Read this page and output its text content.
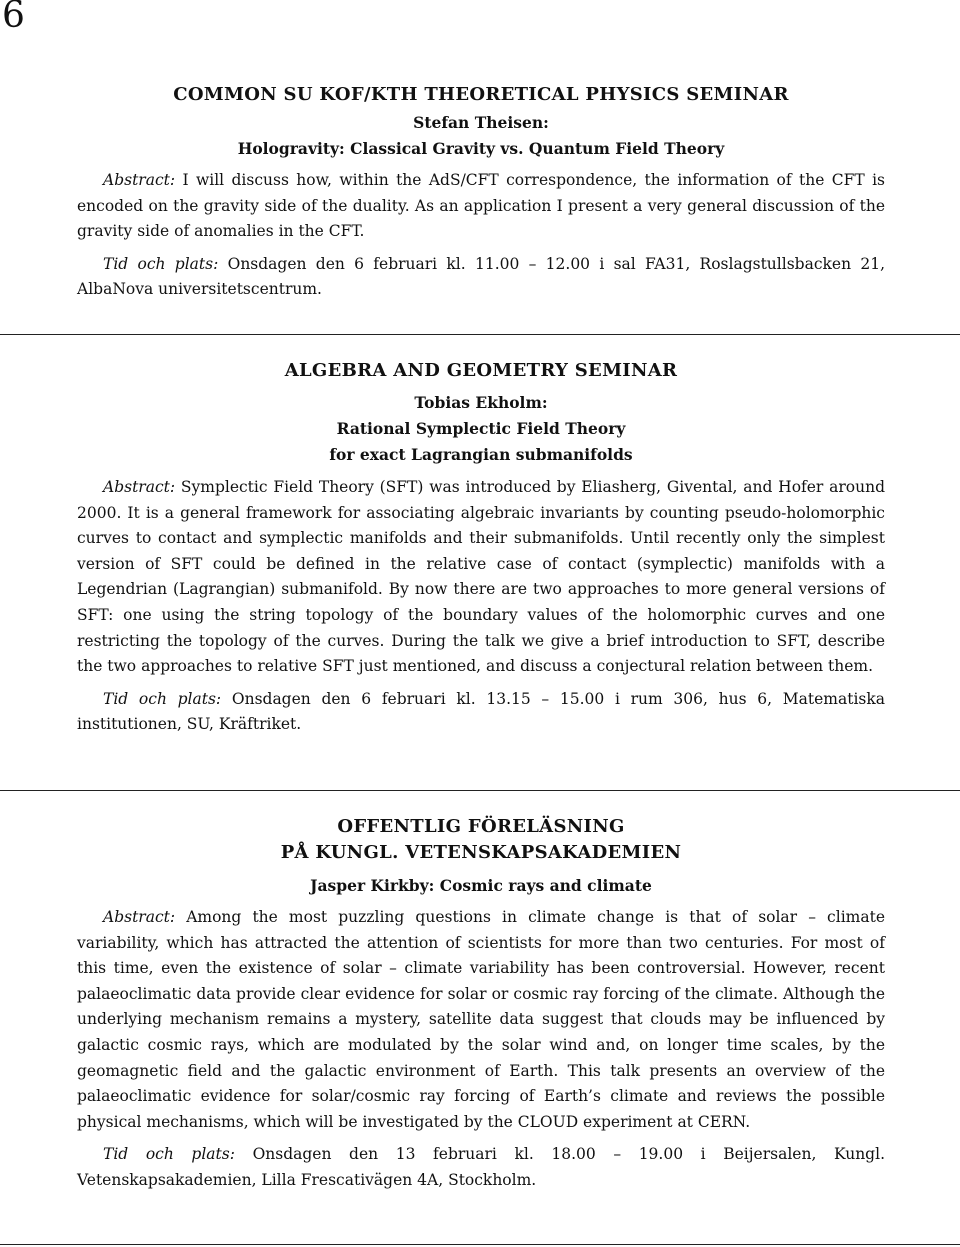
6
COMMON SU KOF/KTH THEORETICAL PHYSICS SEMINAR
Stefan Theisen:
Hologravity: Classical Gravity vs. Quantum Field Theory

Abstract: I will discuss how, within the AdS/CFT correspondence, the information of the CFT is encoded on the gravity side of the duality. As an application I present a very general discussion of the gravity side of anomalies in the CFT.

Tid och plats: Onsdagen den 6 februari kl. 11.00 – 12.00 i sal FA31, Roslagstullsbacken 21, AlbaNova universitetscentrum.

ALGEBRA AND GEOMETRY SEMINAR
Tobias Ekholm:
Rational Symplectic Field Theory
for exact Lagrangian submanifolds

Abstract: Symplectic Field Theory (SFT) was introduced by Eliasherg, Givental, and Hofer around 2000. It is a general framework for associating algebraic invariants by counting pseudo-holomorphic curves to contact and symplectic manifolds and their submanifolds. Until recently only the simplest version of SFT could be defined in the relative case of contact (symplectic) manifolds with a Legendrian (Lagrangian) submanifold. By now there are two approaches to more general versions of SFT: one using the string topology of the boundary values of the holomorphic curves and one restricting the topology of the curves. During the talk we give a brief introduction to SFT, describe the two approaches to relative SFT just mentioned, and discuss a conjectural relation between them.

Tid och plats: Onsdagen den 6 februari kl. 13.15 – 15.00 i rum 306, hus 6, Matematiska institutionen, SU, Kräftriket.

OFFENTLIG FÖRELÄSNING
PÅ KUNGL. VETENSKAPSAKADEMIEN
Jasper Kirkby: Cosmic rays and climate

Abstract: Among the most puzzling questions in climate change is that of solar – climate variability, which has attracted the attention of scientists for more than two centuries. For most of this time, even the existence of solar – climate variability has been controversial. However, recent palaeoclimatic data provide clear evidence for solar or cosmic ray forcing of the climate. Although the underlying mechanism remains a mystery, satellite data suggest that clouds may be influenced by galactic cosmic rays, which are modulated by the solar wind and, on longer time scales, by the geomagnetic field and the galactic environment of Earth. This talk presents an overview of the palaeoclimatic evidence for solar/cosmic ray forcing of Earth’s climate and reviews the possible physical mechanisms, which will be investigated by the CLOUD experiment at CERN.

Tid och plats: Onsdagen den 13 februari kl. 18.00 – 19.00 i Beijersalen, Kungl. Vetenskapsakademien, Lilla Frescativägen 4A, Stockholm.
